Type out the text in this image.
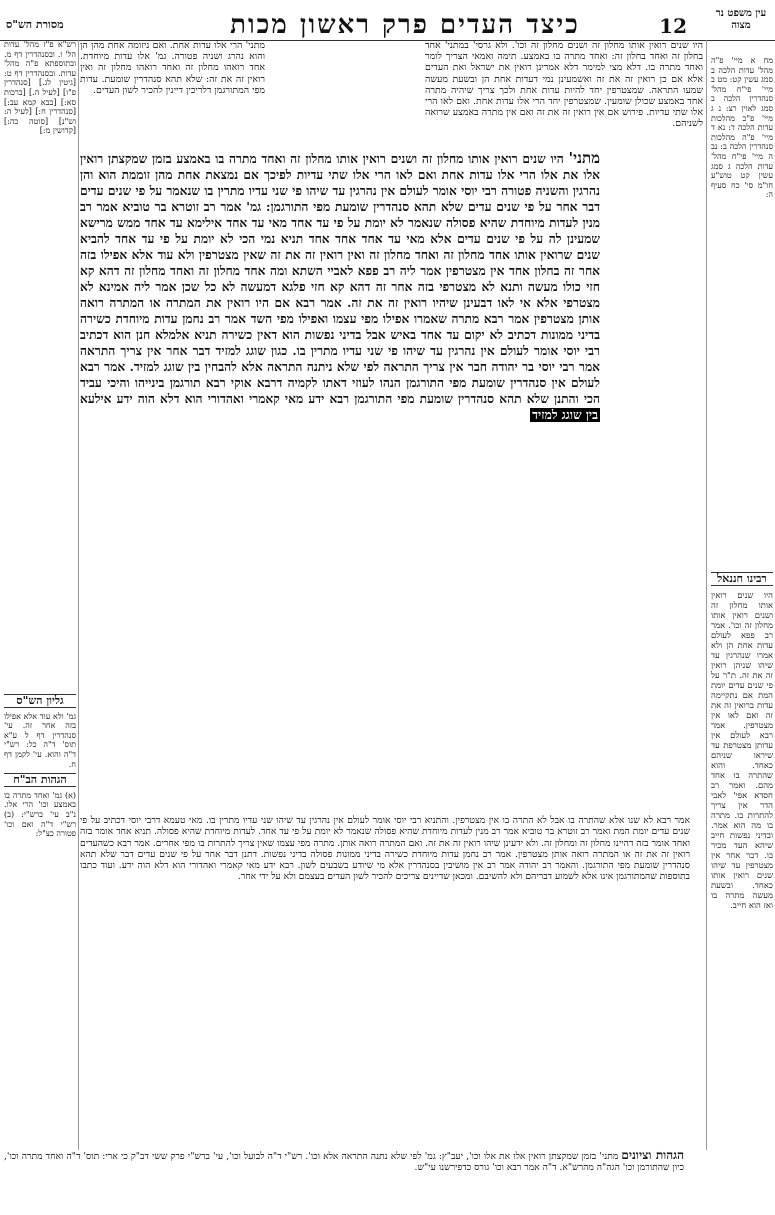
עין משפט נר מצוה
12
כיצד העדים פרק ראשון מכות
מסורת הש"ס
מח א מיי' פ"ה מהל' עדות הלכה ב סמג עשין קט: מט ב מיי' פי"ח מהל' סנהדרין הלכה ב סמג לאוין רצ: נ ג מיי' פ"כ מהלכות עדות הלכה ד: נא ד מיי' פ"ה מהלכות סנהדרין הלכה ב: נב ה מיי' פי"ח מהל' עדות הלכה ג סמג עשין קט טוש"ע חו"מ סי' כח סעיף ה:
רבינו חננאל
היו שנים רואין אותו מחלון זה ושנים רואין אותו מחלון זה וכו'. אמר רב פפא לעולם עדות אחת הן ולא אמרו שנהרגין עד שיהו שניהן רואין זה את זה. ת"ר על פי שנים עדים יומת המת אם נתקיימה עדות ברואין זה את זה ואם לאו אין מצטרפין. אמר רבא לעולם אין עדותן מצטרפת עד שיראו שניהם כאחד. והוא שהתרה בו אחד מהם. ואמר רב חסדא אפי' לאבי הדר אין צריך להתרות בו. מתרה בו מה הוא אמר. ובדיני נפשות חייב שיהא העד מכיר בו. דבר אחר אין מצטרפין עד שיהו שנים רואין אותו כאחד. ובשעת מעשה מתרה בו ואז הוא חייב.
היו שנים רואין אותו מחלון זה ושנים מחלון זה וכו'. ולא גרסי' במתני' אחד בחלון זה ואחד בחלון זה: ואחד מתרה בו באמצע. תימה ואמאי הצריך לומר ואחד מתרה בו. דלא מצי למימר דלא אמרינן רואין את ישראל ואת העדים אלא אם כן רואין זה את זה ואשמעינן נמי דעדות אחת הן ובשעת מעשה שמעו התראה. שמצטרפין יחד להיות עדות אחת ולכך צריך שיהיה מתרה אחד באמצע שכולן שומעין. שמצטרפין יחד הרי אלו עדות אחת. ואם לאו הרי אלו שתי עדיות. פירוש אם אין רואין זה את זה ואם אין מתרה באמצע שרואה לשניהם.
רש"א פ"ז מהל' עדות הל' ו. ובסנהדרין דף מ. ובתוספתא פ"ה מהל' עדות. ובסנהדרין דף ט: [גיטין לג.] [סנהדרין פ"ו] [לעיל ה.] [ברכות סא:] [בבא קמא עב:] [סנהדרין ח:] [לעיל ה: וש"נ] [סוטה כה:] [קדושין מ:]
מתני' הרי אלו עדות אחת. ואם ניזומה אחת מהן הן והוא נהרג ושניה פטורה. גמ' אלו עדות מיוחדת. אחד רואהו מחלון זה ואחד רואהו מחלון זה ואין רואין זה את זה: שלא תהא סנהדרין שומעת. עדות מפי המתורגמן דלריכין דיינין להכיר לשון העדים.
מתני' היו שנים רואין אותו מחלון זה ושנים רואין אותו מחלון זה ואחד מתרה בו באמצע בזמן שמקצתן רואין אלו את אלו הרי אלו עדות אחת ואם לאו הרי אלו שתי עדיות לפיכך אם נמצאת אחת מהן זוממת הוא והן נהרגין והשניה פטורה רבי יוסי אומר לעולם אין נהרגין עד שיהו פי שני עדיו מתרין בו שנאמר על פי שנים עדים דבר אחר על פי שנים עדים שלא תהא סנהדרין שומעת מפי התורגמן: גמ' אמר רב זוטרא בר טוביא אמר רב מנין לעדות מיוחדת שהיא פסולה שנאמר לא יומת על פי עד אחד מאי עד אחד אילימא עד אחד ממש מרישא שמעינן לה על פי שנים עדים אלא מאי עד אחד אחד אחד תניא נמי הכי לא יומת על פי עד אחד להביא שנים שרואין אותו אחד מחלון זה ואחד מחלון זה ואין רואין זה את זה שאין מצטרפין ולא עוד אלא אפילו בזה אחר זה בחלון אחד אין מצטרפין אמר ליה רב פפא לאביי השתא ומה אחד מחלון זה ואחד מחלון זה דהא קא חזי כולו מעשה ותנא לא מצטרפי בזה אחר זה דהא קא חזי פלגא דמעשה לא כל שכן אמר ליה אמינא לא מצטרפי אלא אי לאו דבעינן שיהיו רואין זה את זה. אמר רבא אם היו רואין את המתרה או המתרה רואה אותן מצטרפין אמר רבא מתרה שאמרו אפילו מפי עצמו ואפילו מפי השד אמר רב נחמן עדות מיוחדת כשירה בדיני ממונות דכתיב לא יקום עד אחד באיש אבל בדיני נפשות הוא דאין כשירה תניא אלמלא חנן הוא דכתיב רבי יוסי אומר לעולם אין נהרגין עד שיהו פי שני עדיו מתרין בו. כגון שוגג למזיד דבר אחר אין צריך התראה אמר רבי יוסי בר יהודה חבר אין צריך התראה לפי שלא ניתנה התראה אלא להבחין בין שוגג למזיד. אמר רבא לעולם אין סנהדרין שומעת מפי התורגמן הנהו לעוזי דאתו לקמיה דרבא אוקי רבא תורגמן בינייהו והיכי עביד הכי והתנן שלא תהא סנהדרין שומעת מפי התורגמן רבא ידע מאי קאמרי ואהדורי הוא דלא הוה ידע אילעא בין שוגג למזיד
גליון הש"ס
גמ' ולא עוד אלא אפילו בזה אחר זה. עי' סנהדרין דף ל ע"א תוס' ד"ה כל: רש"י ד"ה והוא. עי' לקמן דף ח.
הגהות הב"ח
(א) גמ' ואחד מתרה בו באמצע וכו' הרי אלו. נ"ב עי' ברש"י: (ב) רש"י ד"ה ואם וכו' פטורה כצ"ל:
אמר רבא לא שנו אלא שהתרה בו אבל לא התרה בו אין מצטרפין. והתניא רבי יוסי אומר לעולם אין נהרגין עד שיהו שני עדיו מתרין בו. מאי טעמא דרבי יוסי דכתיב על פי שנים עדים יומת המת ואמר רב זוטרא בר טוביא אמר רב מנין לעדות מיוחדת שהיא פסולה שנאמר לא יומת על פי עד אחד. לעדות מיוחדת שהיא פסולה. תניא אחד אומר בזה ואחד אומר בזה דהיינו מחלון זה ומחלון זה. ולא ידעינן שיהו רואין זה את זה. ואם המתרה רואה אותן. מתרה מפי עצמו שאין צריך להתרות בו מפי אחרים. אמר רבא כשהעדים רואין זה את זה או המתרה רואה אותן מצטרפין. אמר רב נחמן עדות מיוחדת כשירה בדיני ממונות פסולה בדיני נפשות. דתנן דבר אחר על פי שנים עדים דבר שלא תהא סנהדרין שומעת מפי התורגמן. והאמר רב יהודה אמר רב אין מושיבין בסנהדרין אלא מי שיודע בשבעים לשון. רבא ידע מאי קאמרי ואהדורי הוא דלא הוה ידע. ועוד כתבו בתוספות שהמתורגמן אינו אלא לשמוע דבריהם ולא להשיבם. ומכאן שדיינים צריכים להכיר לשון העדים בעצמם ולא על ידי אחר.
הגהות וציונים מתני' בזמן שמקצתן רואין אלו את אלו וכו', יעב"ץ: גמ' לפי שלא נתנה התראה אלא וכו'. רש"י ד"ה לבועל וכו', עי' ברש"י פרק ששי דב"ק כי ארי: תוס' ד"ה ואחד מתרה וכו', כיון שהתורמן וכו' הגה"ה מהרש"א. ד"ה אמר רבא וכו' גורס כדפירשנו עי"ש.
